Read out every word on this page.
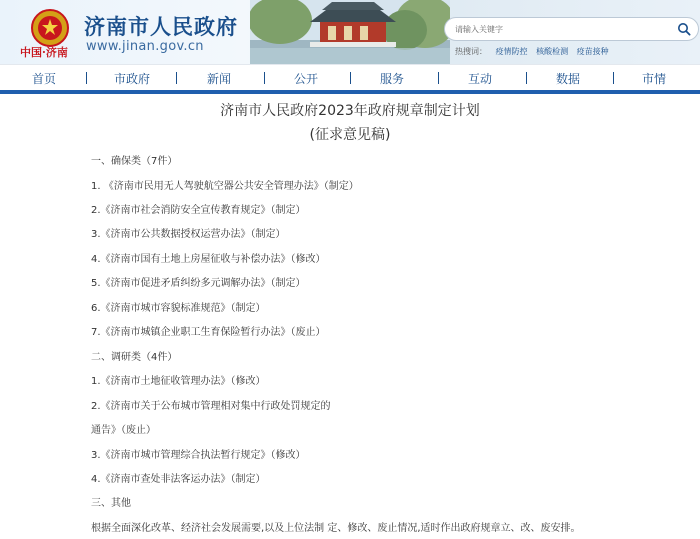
中国·济南
济南市人民政府
www.jinan.gov.cn
请输入关键字	热搜词： 疫情防控 核酸检测 疫苗接种
首页	市政府	新闻	公开	服务	互动	数据	市情
济南市人民政府2023年政府规章制定计划
(征求意见稿)
一、确保类（7件）
1. 《济南市民用无人驾驶航空器公共安全管理办法》（制定）
2.《济南市社会消防安全宣传教育规定》（制定）
3.《济南市公共数据授权运营办法》（制定）
4.《济南市国有土地上房屋征收与补偿办法》（修改）
5.《济南市促进矛盾纠纷多元调解办法》（制定）
6.《济南市城市容貌标准规范》（制定）
7.《济南市城镇企业职工生育保险暂行办法》（废止）
二、调研类（4件）
1.《济南市土地征收管理办法》（修改）
2.《济南市关于公布城市管理相对集中行政处罚规定的
通告》（废止）
3.《济南市城市管理综合执法暂行规定》（修改）
4.《济南市查处非法客运办法》（制定）
三、其他
根据全面深化改革、经济社会发展需要,以及上位法制 定、修改、废止情况,适时作出政府规章立、改、废安排。
